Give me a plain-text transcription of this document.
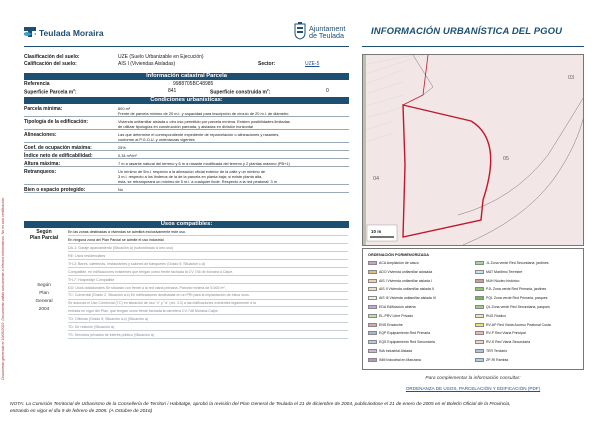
Documento generado el 10/05/2022. Documento válido únicamente a efectos informativos. No es una certificación.
Teulada Moraira	Ajuntament
de Teulada	INFORMACIÓN URBANÍSTICA DEL PGOU
Clasificación del suelo:	UZE (Suelo Urbanizable en Ejecución)
Calificación del suelo:	AIS I (Viviendas Aisladas)	Sector:	UZE-5
Información catastral Parcela
Referencia	9988705BC48985
Superficie Parcela $m^2$:	841	Superficie construida $m^2$:	0
Condiciones urbanísticas:
Parcela mínima:	800 m²
Frente de parcela mínimo de 20 m.l. y capacidad para inscripción de círculo de 20 m.l. de diámetro
Tipología de la edificación:	Vivienda unifamiliar aislada u otro uso permitido por parcela mínima. Existen posibilidades limitadas
de utilizar tipologías en construcción pareada, y aisladas en división horizontal
Alineaciones:	Las que determine el correspondiente expediente de reparcelación o alineaciones y rasantes,
conforme al P.G.O.U. y ordenanzas vigentes
Coef. de ocupación máxima:	25%
Índice neto de edificabilidad:	0,34 m²/m²
Altura máxima:	7 m a rasante natural del terreno y 6 m a rasante modificada del terreno y 2 plantas máximo (PB+1)
Retranqueos:	Un mínimo de 5m.l. respecto a la alineación oficial exterior de la calle y un mínimo de
3 m.l. respecto a los linderos de la de la parcela en planta baja; si existe planta alta,
ésta, se retranqueará un mínimo de 5 m.l. a cualquier linde. Respecto a la red peatonal: 3 m
Bien o espacio protegido:	No
Usos compatibles:
Según
Plan Parcial
Según
Plan
General
2004
En las zonas destinadas a viviendas se admitirá exclusivamente este uso.
En ninguna zona del Plan Parcial se admite el uso industrial
DA-1: Garaje aparcamiento (Situación a) (subordinado a otro uso)
RE: Usos residenciales
TH-3: Bares, cafeterías, restaurantes y salones de banquetes (Grado 5; Situación c,d)
Compatible, en edificaciones existentes que tengan como frente fachada la CV 746 de Moraira a Calpe.
TH-7: Hospedaje Compatible
DO: Usos dotacionales Se situarán con frente a la red viaria primaria. Parcela mínima de 5.000 m².
TC: Comercial (Grado 2, Situación a,c) En edificaciones destinadas en un PRI para la implantación de estos usos.
Se autoriza el Uso Comercial (TC) en situación de uso "c" y "a" (art. 4.3) a las edificaciones existentes legalmente a la
entrada en vigor del Plan, que tengan como frente fachada la carretera CV-746 Moraira-Calpe.
TO: Oficinas (Grado 5; Situación a,c) (Situación a)
TD: De relación (Situación a)
TS: Servicios privados de interés público (Situación a)
03
05
04
10 m
ORDENACIÓN PORMENORIZADA
ACA Ampliación de casco
ADO Vivienda unifamiliar adosada
AIS I Vivienda unifamiliar aislada I
AIS II Vivienda unifamiliar aislada II
AIS III Vivienda unifamiliar aislada III
EDA Edificación abierta
EL-PRV Libre Privado
ENS Ensanche
EQP Equipamiento Red Primaria
EQS Equipamiento Red Secundaria
INA Industrial Aislada
INM Industrial en Manzana
JL Zona verde Red Secundaria, jardines
MAT Marítimo Terrestre
NUH Núcleo histórico
PJL Zona verde Red Primaria, jardines
PQL Zona verde Red Primaria, parques
QL Zona verde Red Secundaria, parques
RUS Rústico
RV-AP Red Viaria Acceso Peatonal Costa
RV-P Red Viaria Principal
RV-S Red Viaria Secundaria
TER Terciario
ZP-RI Rambla
Para complementar la información consultar:
ORDENANZA DE USOS, PARCELACIÓN Y EDIFICACIÓN (PDF)
NOTA: La Comisión Territorial de Urbanismo de la Consellería de Territori i Habitatge, aprobó la revisión del Plan General de Teulada el 21 de diciembre de 2004, publicándose el 21 de enero de 2005 en el Boletín Oficial de la Provincia,
entrando en vigor el día 9 de febrero de 2005. (A Octubre de 2016)
